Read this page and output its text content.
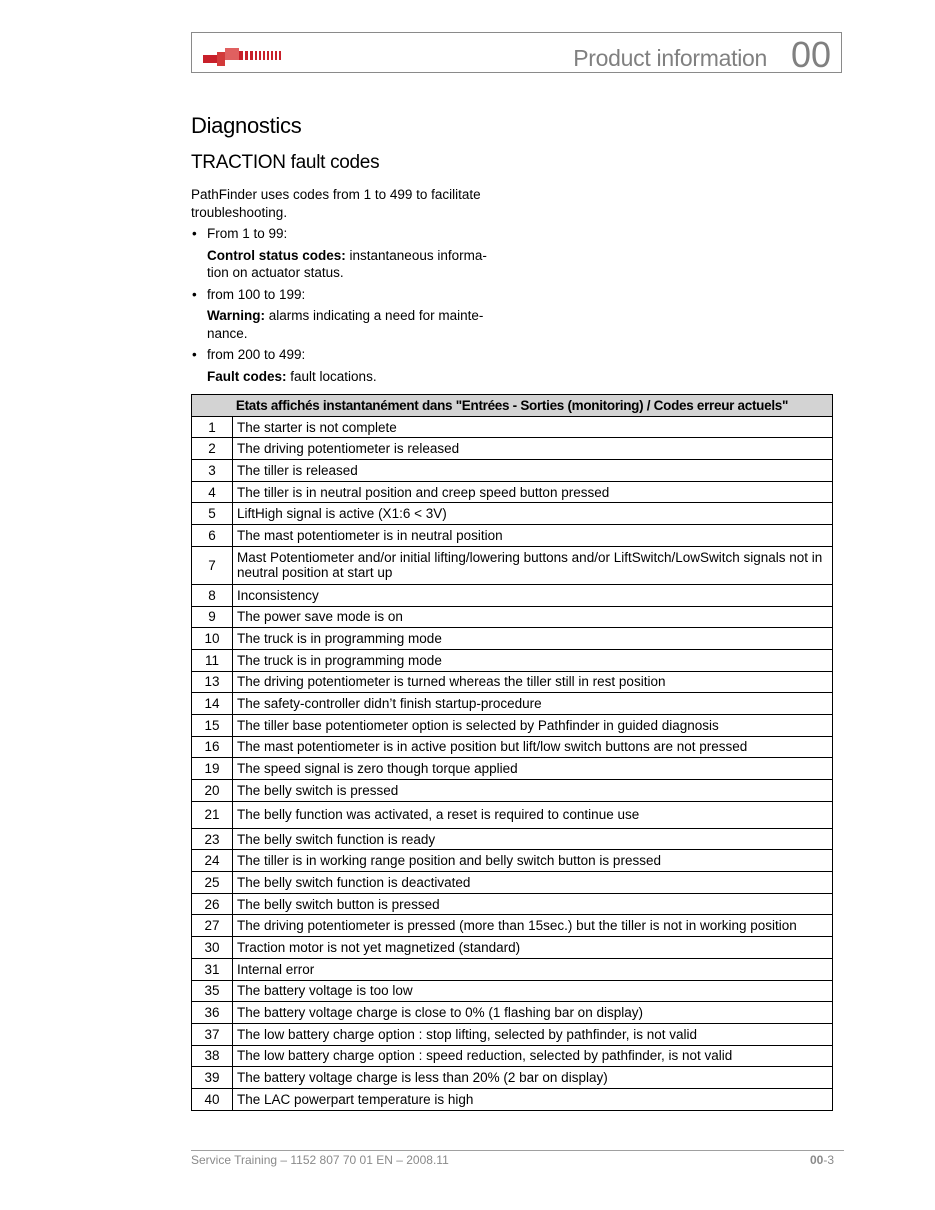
Product information 00
Diagnostics
TRACTION fault codes

PathFinder uses codes from 1 to 499 to facilitate troubleshooting.

• From 1 to 99:
Control status codes: instantaneous informa-tion on actuator status.
• from 100 to 199:
Warning: alarms indicating a need for mainte-nance.
• from 200 to 499:
Fault codes: fault locations.
Etats affichés instantanément dans "Entrées - Sorties (monitoring) / Codes erreur actuels"	
1	The starter is not complete
2	The driving potentiometer is released
3	The tiller is released
4	The tiller is in neutral position and creep speed button pressed
5	LiftHigh signal is active (X1:6 < 3V)
6	The mast potentiometer is in neutral position
7	Mast Potentiometer and/or initial lifting/lowering buttons and/or LiftSwitch/LowSwitch signals not in neutral position at start up
8	Inconsistency
9	The power save mode is on
10	The truck is in programming mode
11	The truck is in programming mode
13	The driving potentiometer is turned whereas the tiller still in rest position
14	The safety-controller didn’t finish startup-procedure
15	The tiller base potentiometer option is selected by Pathfinder in guided diagnosis
16	The mast potentiometer is in active position but lift/low switch buttons are not pressed
19	The speed signal is zero though torque applied
20	The belly switch is pressed
21	The belly function was activated, a reset is required to continue use
23	The belly switch function is ready
24	The tiller is in working range position and belly switch button is pressed
25	The belly switch function is deactivated
26	The belly switch button is pressed
27	The driving potentiometer is pressed (more than 15sec.) but the tiller is not in working position
30	Traction motor is not yet magnetized (standard)
31	Internal error
35	The battery voltage is too low
36	The battery voltage charge is close to 0% (1 flashing bar on display)
37	The low battery charge option : stop lifting, selected by pathfinder, is not valid
38	The low battery charge option : speed reduction, selected by pathfinder, is not valid
39	The battery voltage charge is less than 20% (2 bar on display)
40	The LAC powerpart temperature is high
Service Training – 1152 807 70 01 EN – 2008.11	00-3
